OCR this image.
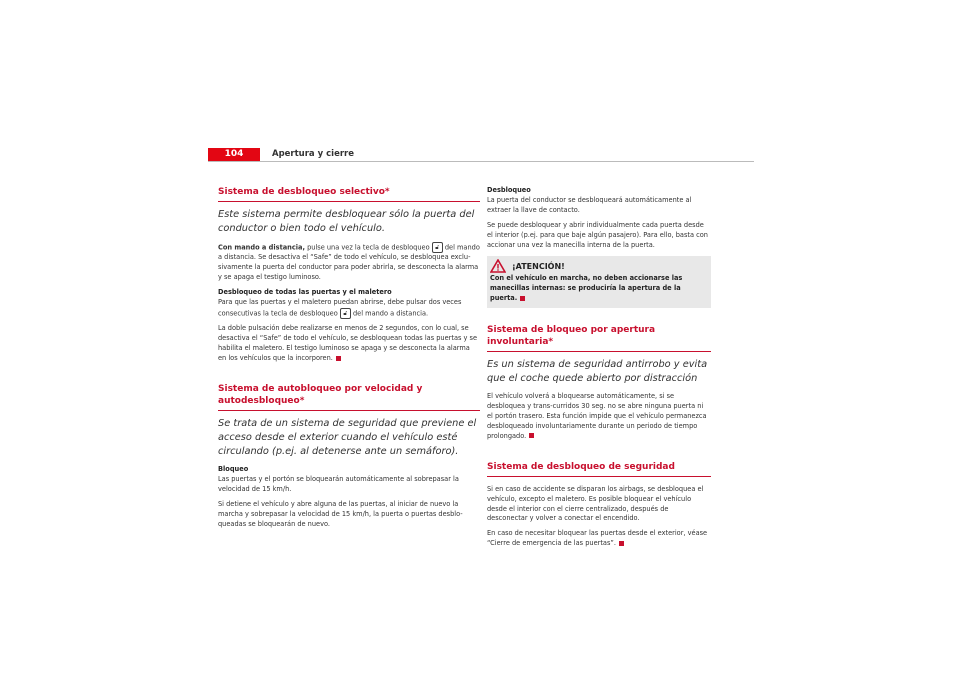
104	Apertura y cierre
Sistema de desbloqueo selectivo*
Este sistema permite desbloquear sólo la puerta del conductor o bien todo el vehículo.

Con mando a distancia, pulse una vez la tecla de desbloqueo 🔓︎ del mando a distancia. Se desactiva el “Safe” de todo el vehículo, se desbloquea exclu-sivamente la puerta del conductor para poder abrirla, se desconecta la alarma y se apaga el testigo luminoso.

Desbloqueo de todas las puertas y el maletero

Para que las puertas y el maletero puedan abrirse, debe pulsar dos veces consecutivas la tecla de desbloqueo 🔓︎ del mando a distancia.

La doble pulsación debe realizarse en menos de 2 segundos, con lo cual, se desactiva el “Safe” de todo el vehículo, se desbloquean todas las puertas y se habilita el maletero. El testigo luminoso se apaga y se desconecta la alarma en los vehículos que la incorporen.

Sistema de autobloqueo por velocidad y autodesbloqueo*
Se trata de un sistema de seguridad que previene el acceso desde el exterior cuando el vehículo esté circulando (p.ej. al detenerse ante un semáforo).
Bloqueo

Las puertas y el portón se bloquearán automáticamente al sobrepasar la velocidad de 15 km/h.

Si detiene el vehículo y abre alguna de las puertas, al iniciar de nuevo la marcha y sobrepasar la velocidad de 15 km/h, la puerta o puertas desblo-queadas se bloquearán de nuevo.

Desbloqueo

La puerta del conductor se desbloqueará automáticamente al extraer la llave de contacto.

Se puede desbloquear y abrir individualmente cada puerta desde el interior (p.ej. para que baje algún pasajero). Para ello, basta con accionar una vez la manecilla interna de la puerta.

¡ATENCIÓN!
Con el vehículo en marcha, no deben accionarse las manecillas internas: se produciría la apertura de la puerta.
Sistema de bloqueo por apertura involuntaria*
Es un sistema de seguridad antirrobo y evita que el coche quede abierto por distracción

El vehículo volverá a bloquearse automáticamente, si se desbloquea y trans-curridos 30 seg. no se abre ninguna puerta ni el portón trasero. Esta función impide que el vehículo permanezca desbloqueado involuntariamente durante un periodo de tiempo prolongado.

Sistema de desbloqueo de seguridad

Si en caso de accidente se disparan los airbags, se desbloquea el vehículo, excepto el maletero. Es posible bloquear el vehículo desde el interior con el cierre centralizado, después de desconectar y volver a conectar el encendido.

En caso de necesitar bloquear las puertas desde el exterior, véase “Cierre de emergencia de las puertas”.
